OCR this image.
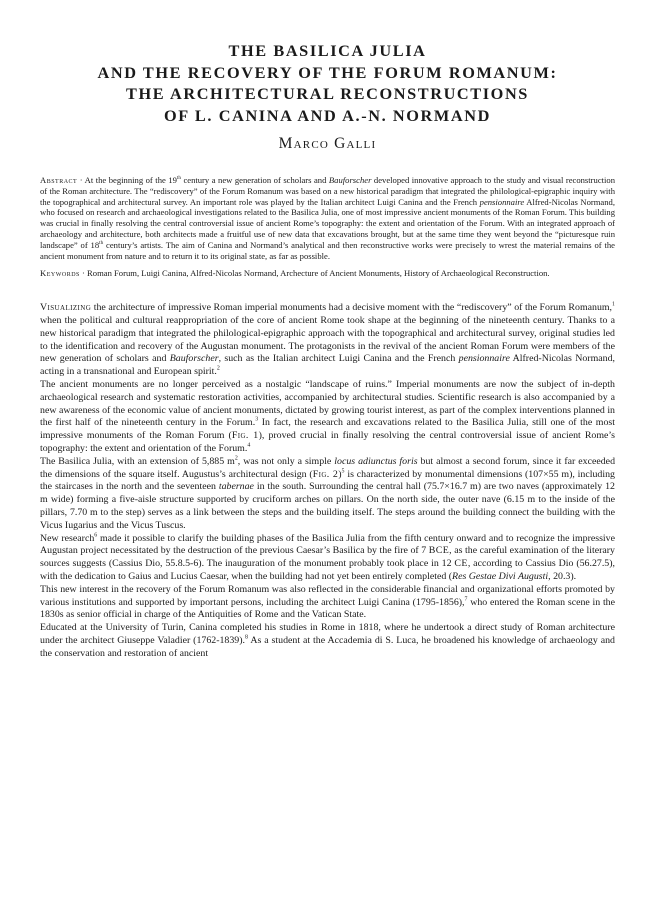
THE BASILICA JULIA
AND THE RECOVERY OF THE FORUM ROMANUM:
THE ARCHITECTURAL RECONSTRUCTIONS
OF L. CANINA AND A.-N. NORMAND
Marco Galli
Abstract · At the beginning of the 19th century a new generation of scholars and Bauforscher developed innovative approach to the study and visual reconstruction of the Roman architecture. The “rediscovery” of the Forum Romanum was based on a new historical paradigm that integrated the philological-epigraphic inquiry with the topographical and architectural survey. An important role was played by the Italian architect Luigi Canina and the French pensionnaire Alfred-Nicolas Normand, who focused on research and archaeological investigations related to the Basilica Julia, one of most impressive ancient monuments of the Roman Forum. This building was crucial in finally resolving the central controversial issue of ancient Rome’s topography: the extent and orientation of the Forum. With an integrated approach of archaeology and architecture, both architects made a fruitful use of new data that excavations brought, but at the same time they went beyond the “picturesque ruin landscape” of 18th century’s artists. The aim of Canina and Normand’s analytical and then reconstructive works were precisely to wrest the material remains of the ancient monument from nature and to return it to its original state, as far as possible.
Keywords · Roman Forum, Luigi Canina, Alfred-Nicolas Normand, Archecture of Ancient Monuments, History of Archaeological Reconstruction.

Visualizing the architecture of impressive Roman imperial monuments had a decisive moment with the “rediscovery” of the Forum Romanum,$^1$ when the political and cultural reappropriation of the core of ancient Rome took shape at the beginning of the nineteenth century. Thanks to a new historical paradigm that integrated the philological-epigraphic approach with the topographical and architectural survey, original studies led to the identification and recovery of the Augustan monument. The protagonists in the revival of the ancient Roman Forum were members of the new generation of scholars and Bauforscher, such as the Italian architect Luigi Canina and the French pensionnaire Alfred-Nicolas Normand, acting in a transnational and European spirit.$^2$

The ancient monuments are no longer perceived as a nostalgic “landscape of ruins.” Imperial monuments are now the subject of in-depth archaeological research and systematic restoration activities, accompanied by architectural studies. Scientific research is also accompanied by a new awareness of the economic value of ancient monuments, dictated by growing tourist interest, as part of the complex interventions planned in the first half of the nineteenth century in the Forum.$^3$ In fact, the research and excavations related to the Basilica Julia, still one of the most impressive monuments of the Roman Forum (Fig. 1), proved crucial in finally resolving the central controversial issue of ancient Rome’s topography: the extent and orientation of the Forum.$^4$

The Basilica Julia, with an extension of 5,885 $m^2$, was not only a simple locus adiunctus foris but almost a second forum, since it far exceeded the dimensions of the square itself. Augustus’s architectural design (Fig. 2)$^5$ is characterized by monumental dimensions (107×55 m), including the staircases in the north and the seventeen tabernae in the south. Surrounding the central hall (75.7×16.7 m) are two naves (approximately 12 m wide) forming a five-aisle structure supported by cruciform arches on pillars. On the north side, the outer nave (6.15 m to the inside of the pillars, 7.70 m to the step) serves as a link between the steps and the building itself. The steps around the building connect the building with the Vicus Iugarius and the Vicus Tuscus.

New research$^6$ made it possible to clarify the building phases of the Basilica Julia from the fifth century onward and to recognize the impressive Augustan project necessitated by the destruction of the previous Caesar’s Basilica by the fire of 7 BCE, as the careful examination of the literary sources suggests (Cassius Dio, 55.8.5-6). The inauguration of the monument probably took place in 12 CE, according to Cassius Dio (56.27.5), with the dedication to Gaius and Lucius Caesar, when the building had not yet been entirely completed (Res Gestae Divi Augusti, 20.3).

This new interest in the recovery of the Forum Romanum was also reflected in the considerable financial and organizational efforts promoted by various institutions and supported by important persons, including the architect Luigi Canina (1795-1856),$^7$ who entered the Roman scene in the 1830s as senior official in charge of the Antiquities of Rome and the Vatican State.

Educated at the University of Turin, Canina completed his studies in Rome in 1818, where he undertook a direct study of Roman architecture under the architect Giuseppe Valadier (1762-1839).$^8$ As a student at the Accademia di S. Luca, he broadened his knowledge of archaeology and the conservation and restoration of ancient
